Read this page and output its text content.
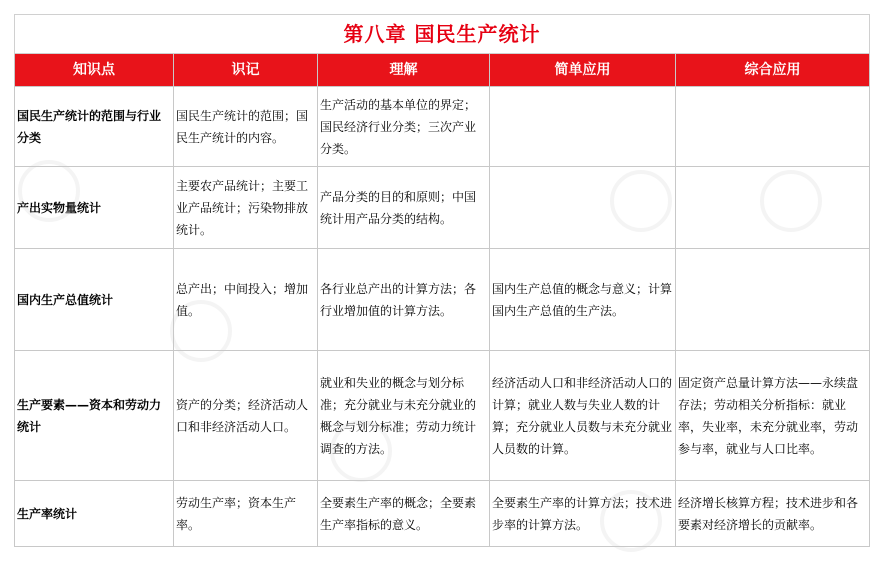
第八章 国民生产统计				
知识点	识记	理解	简单应用	综合应用
国民生产统计的范围与行业分类	国民生产统计的范围；国民生产统计的内容。	生产活动的基本单位的界定；国民经济行业分类；三次产业分类。		
产出实物量统计	主要农产品统计；主要工业产品统计；污染物排放统计。	产品分类的目的和原则；中国统计用产品分类的结构。		
国内生产总值统计	总产出；中间投入；增加值。	各行业总产出的计算方法；各行业增加值的计算方法。	国内生产总值的概念与意义；计算国内生产总值的生产法。	
生产要素——资本和劳动力统计	资产的分类；经济活动人口和非经济活动人口。	就业和失业的概念与划分标准；充分就业与未充分就业的概念与划分标准；劳动力统计调查的方法。	经济活动人口和非经济活动人口的计算；就业人数与失业人数的计算；充分就业人员数与未充分就业人员数的计算。	固定资产总量计算方法——永续盘存法；劳动相关分析指标：就业率，失业率，未充分就业率，劳动参与率，就业与人口比率。
生产率统计	劳动生产率；资本生产率。	全要素生产率的概念；全要素生产率指标的意义。	全要素生产率的计算方法；技术进步率的计算方法。	经济增长核算方程；技术进步和各要素对经济增长的贡献率。
